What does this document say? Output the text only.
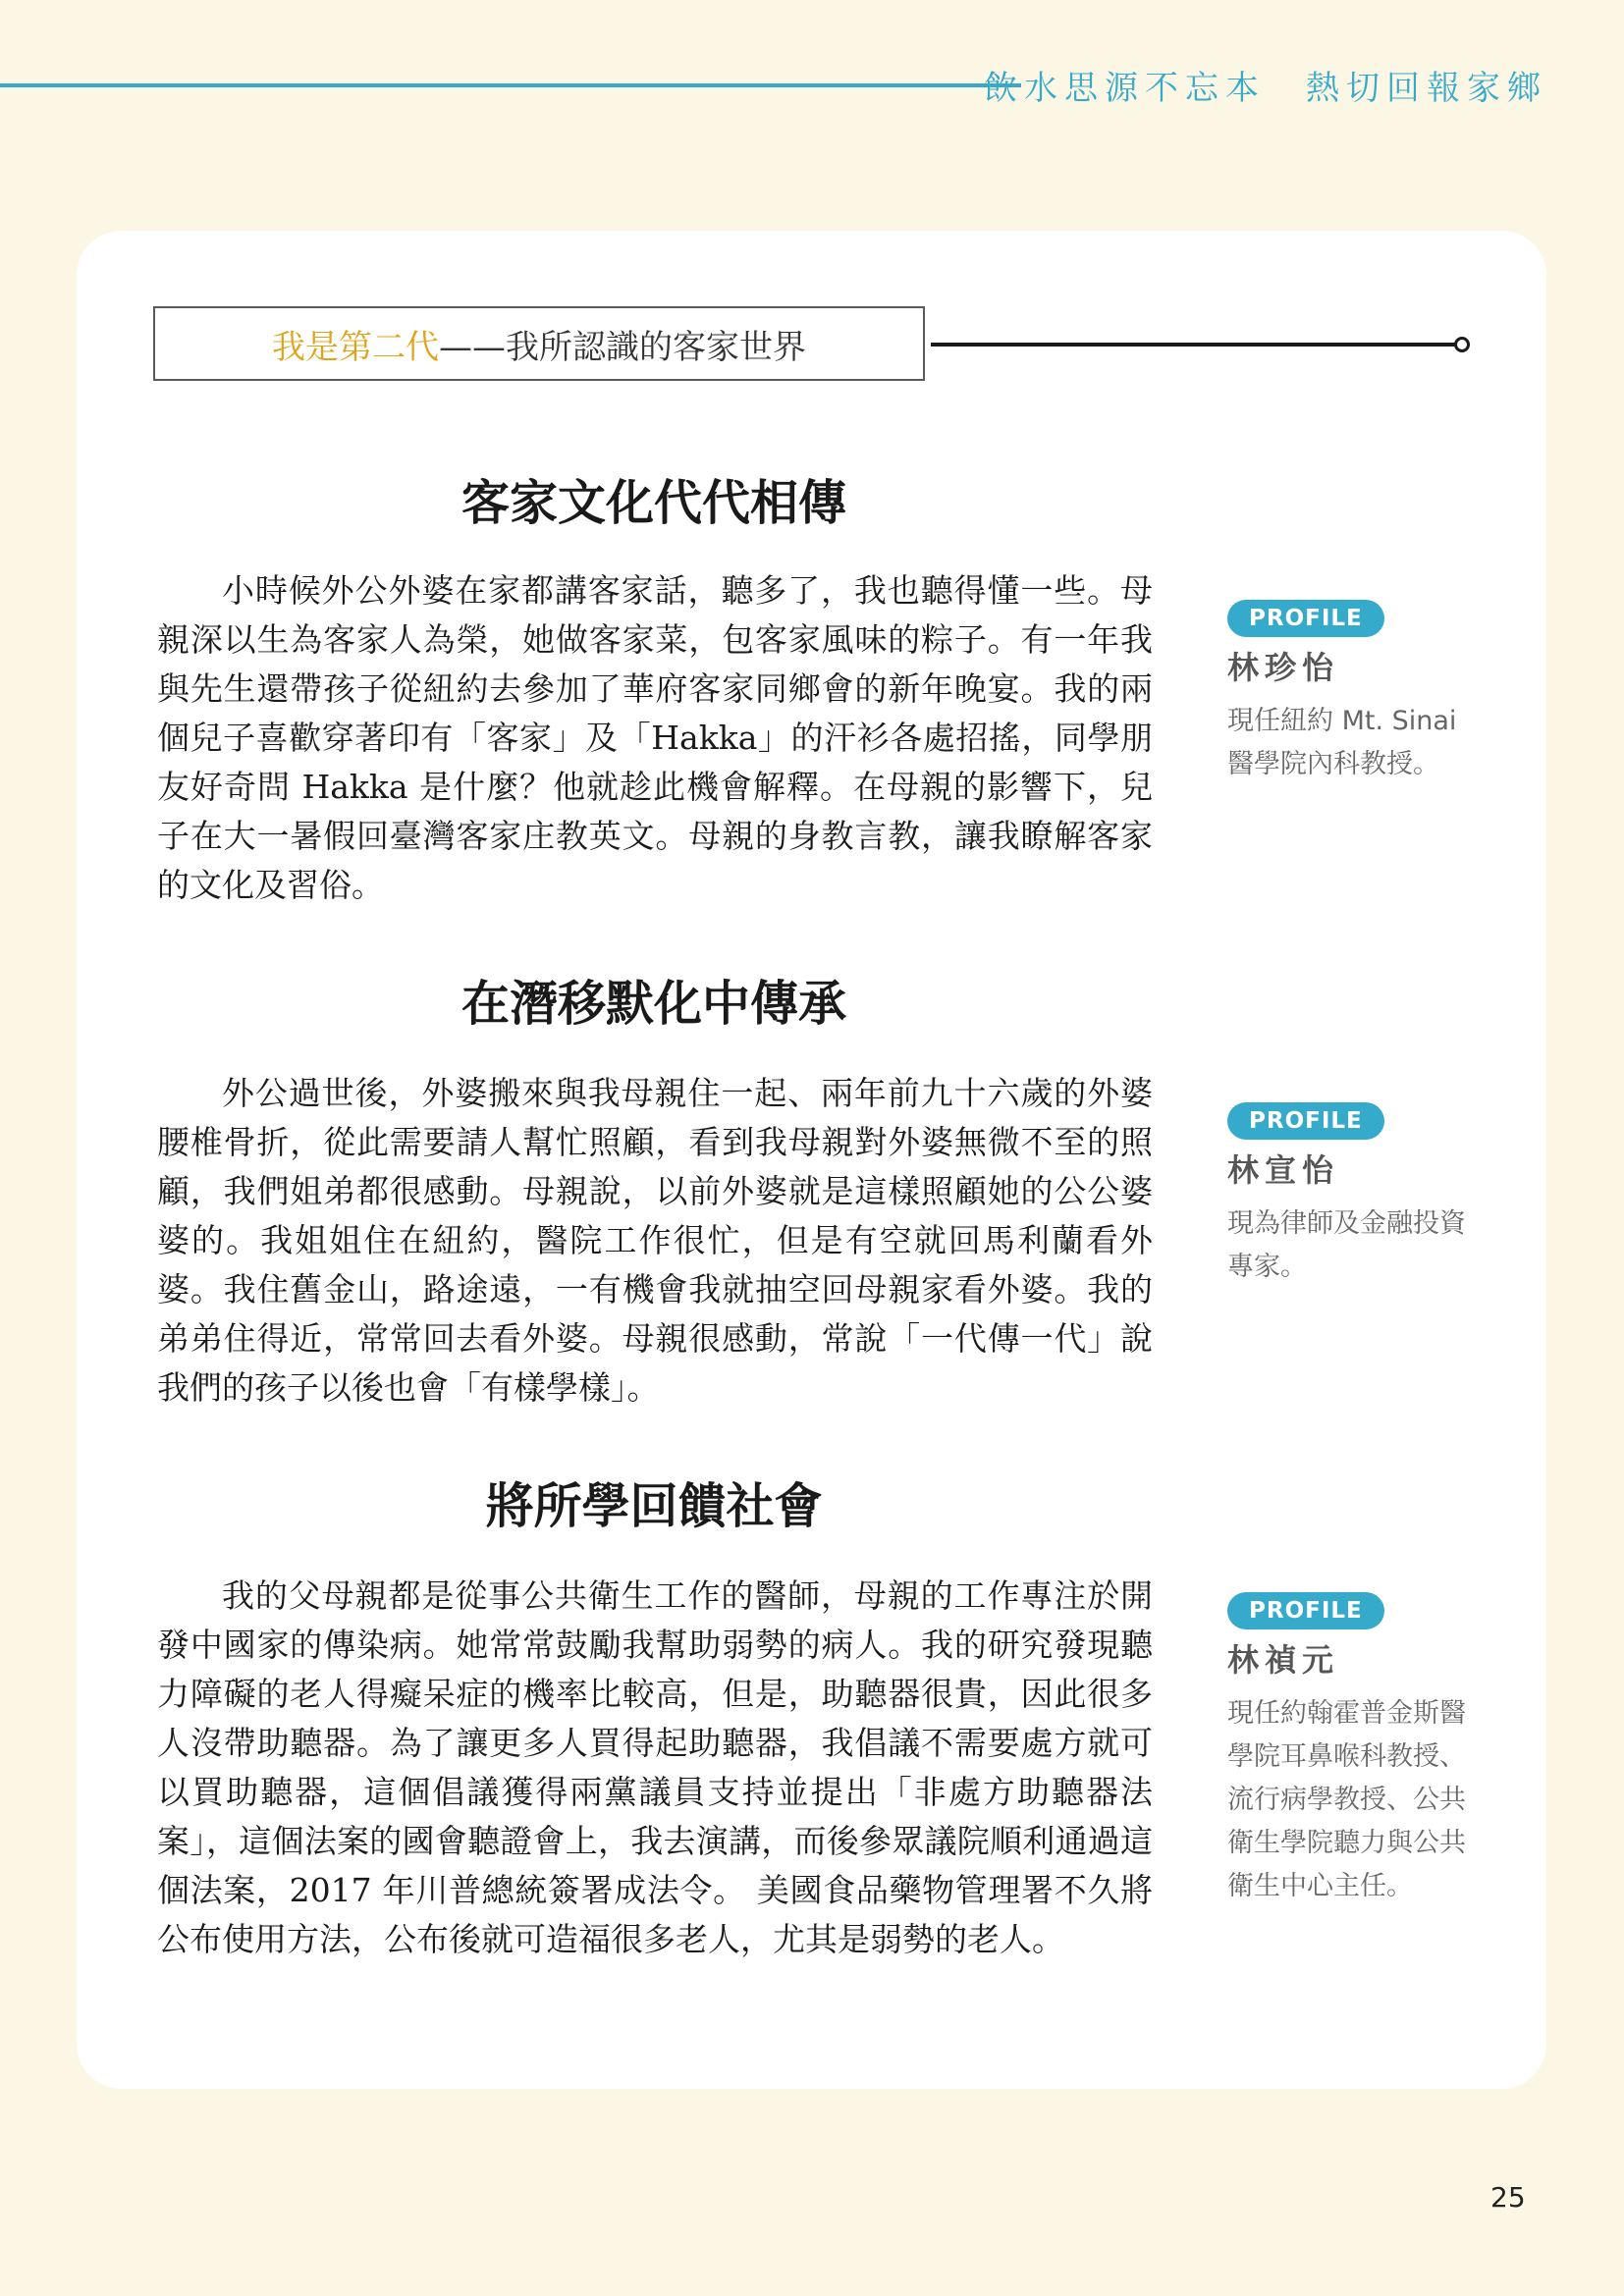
飲水思源不忘本　熱切回報家鄉
我是第二代 ——我所認識的客家世界
客家文化代代相傳
小時候外公外婆在家都講客家話，聽多了，我也聽得懂一些。母親深以生為客家人為榮，她做客家菜，包客家風味的粽子。有一年我與先生還帶孩子從紐約去參加了華府客家同鄉會的新年晚宴。我的兩個兒子喜歡穿著印有「客家」及「Hakka」的汗衫各處招搖，同學朋友好奇問 Hakka 是什麼？他就趁此機會解釋。在母親的影響下，兒子在大一暑假回臺灣客家庄教英文。母親的身教言教，讓我瞭解客家的文化及習俗。
PROFILE
林珍怡
現任紐約 Mt. Sinai 醫學院內科教授。
在潛移默化中傳承
外公過世後，外婆搬來與我母親住一起、兩年前九十六歲的外婆腰椎骨折，從此需要請人幫忙照顧，看到我母親對外婆無微不至的照顧，我們姐弟都很感動。母親說，以前外婆就是這樣照顧她的公公婆婆的。我姐姐住在紐約，醫院工作很忙，但是有空就回馬利蘭看外婆。我住舊金山，路途遠，一有機會我就抽空回母親家看外婆。我的弟弟住得近，常常回去看外婆。母親很感動，常說「一代傳一代」說我們的孩子以後也會「有樣學樣」。
PROFILE
林宣怡
現為律師及金融投資專家。
將所學回饋社會
我的父母親都是從事公共衛生工作的醫師，母親的工作專注於開發中國家的傳染病。她常常鼓勵我幫助弱勢的病人。我的研究發現聽力障礙的老人得癡呆症的機率比較高，但是，助聽器很貴，因此很多人沒帶助聽器。為了讓更多人買得起助聽器，我倡議不需要處方就可以買助聽器，這個倡議獲得兩黨議員支持並提出「非處方助聽器法案」，這個法案的國會聽證會上，我去演講，而後參眾議院順利通過這個法案，2017 年川普總統簽署成法令。 美國食品藥物管理署不久將公布使用方法，公布後就可造福很多老人，尤其是弱勢的老人。
PROFILE
林禎元
現任約翰霍普金斯醫學院耳鼻喉科教授、流行病學教授、公共衛生學院聽力與公共衛生中心主任。
25
